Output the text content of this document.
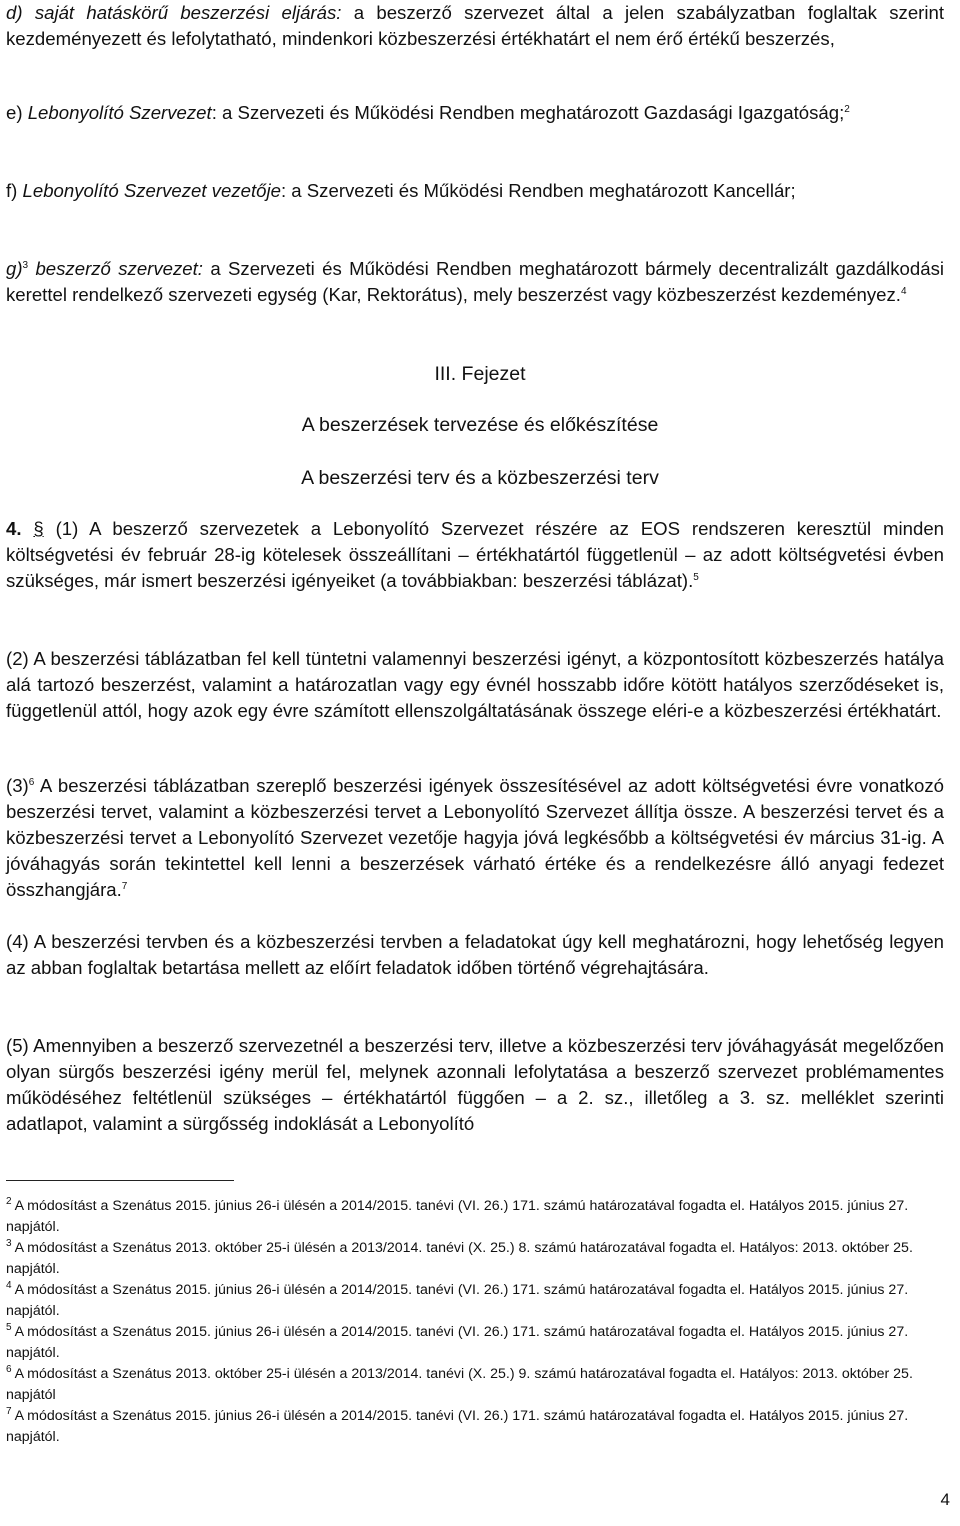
d) saját hatáskörű beszerzési eljárás: a beszerző szervezet által a jelen szabályzatban foglaltak szerint kezdeményezett és lefolytatható, mindenkori közbeszerzési értékhatárt el nem érő értékű beszerzés,

e) Lebonyolító Szervezet: a Szervezeti és Működési Rendben meghatározott Gazdasági Igazgatóság;$^2$

f) Lebonyolító Szervezet vezetője: a Szervezeti és Működési Rendben meghatározott Kancellár;

g)$^3$ beszerző szervezet: a Szervezeti és Működési Rendben meghatározott bármely decentralizált gazdálkodási kerettel rendelkező szervezeti egység (Kar, Rektorátus), mely beszerzést vagy közbeszerzést kezdeményez.$^4$

III. Fejezet

A beszerzések tervezése és előkészítése

A beszerzési terv és a közbeszerzési terv

4. § (1) A beszerző szervezetek a Lebonyolító Szervezet részére az EOS rendszeren keresztül minden költségvetési év február 28-ig kötelesek összeállítani – értékhatártól függetlenül – az adott költségvetési évben szükséges, már ismert beszerzési igényeiket (a továbbiakban: beszerzési táblázat).$^5$

(2) A beszerzési táblázatban fel kell tüntetni valamennyi beszerzési igényt, a központosított közbeszerzés hatálya alá tartozó beszerzést, valamint a határozatlan vagy egy évnél hosszabb időre kötött hatályos szerződéseket is, függetlenül attól, hogy azok egy évre számított ellenszolgáltatásának összege eléri-e a közbeszerzési értékhatárt.

$(3)^6$ A beszerzési táblázatban szereplő beszerzési igények összesítésével az adott költségvetési évre vonatkozó beszerzési tervet, valamint a közbeszerzési tervet a Lebonyolító Szervezet állítja össze. A beszerzési tervet és a közbeszerzési tervet a Lebonyolító Szervezet vezetője hagyja jóvá legkésőbb a költségvetési év március 31-ig. A jóváhagyás során tekintettel kell lenni a beszerzések várható értéke és a rendelkezésre álló anyagi fedezet összhangjára.$^7$

(4) A beszerzési tervben és a közbeszerzési tervben a feladatokat úgy kell meghatározni, hogy lehetőség legyen az abban foglaltak betartása mellett az előírt feladatok időben történő végrehajtására.

(5) Amennyiben a beszerző szervezetnél a beszerzési terv, illetve a közbeszerzési terv jóváhagyását megelőzően olyan sürgős beszerzési igény merül fel, melynek azonnali lefolytatása a beszerző szervezet problémamentes működéséhez feltétlenül szükséges – értékhatártól függően – a 2. sz., illetőleg a 3. sz. melléklet szerinti adatlapot, valamint a sürgősség indoklását a Lebonyolító

$^2$ A módosítást a Szenátus 2015. június 26-i ülésén a 2014/2015. tanévi (VI. 26.) 171. számú határozatával fogadta el. Hatályos 2015. június 27. napjától.

$^3$ A módosítást a Szenátus 2013. október 25-i ülésén a 2013/2014. tanévi (X. 25.) 8. számú határozatával fogadta el. Hatályos: 2013. október 25. napjától.

$^4$ A módosítást a Szenátus 2015. június 26-i ülésén a 2014/2015. tanévi (VI. 26.) 171. számú határozatával fogadta el. Hatályos 2015. június 27. napjától.

$^5$ A módosítást a Szenátus 2015. június 26-i ülésén a 2014/2015. tanévi (VI. 26.) 171. számú határozatával fogadta el. Hatályos 2015. június 27. napjától.

$^6$ A módosítást a Szenátus 2013. október 25-i ülésén a 2013/2014. tanévi (X. 25.) 9. számú határozatával fogadta el. Hatályos: 2013. október 25. napjától

$^7$ A módosítást a Szenátus 2015. június 26-i ülésén a 2014/2015. tanévi (VI. 26.) 171. számú határozatával fogadta el. Hatályos 2015. június 27. napjától.

4
